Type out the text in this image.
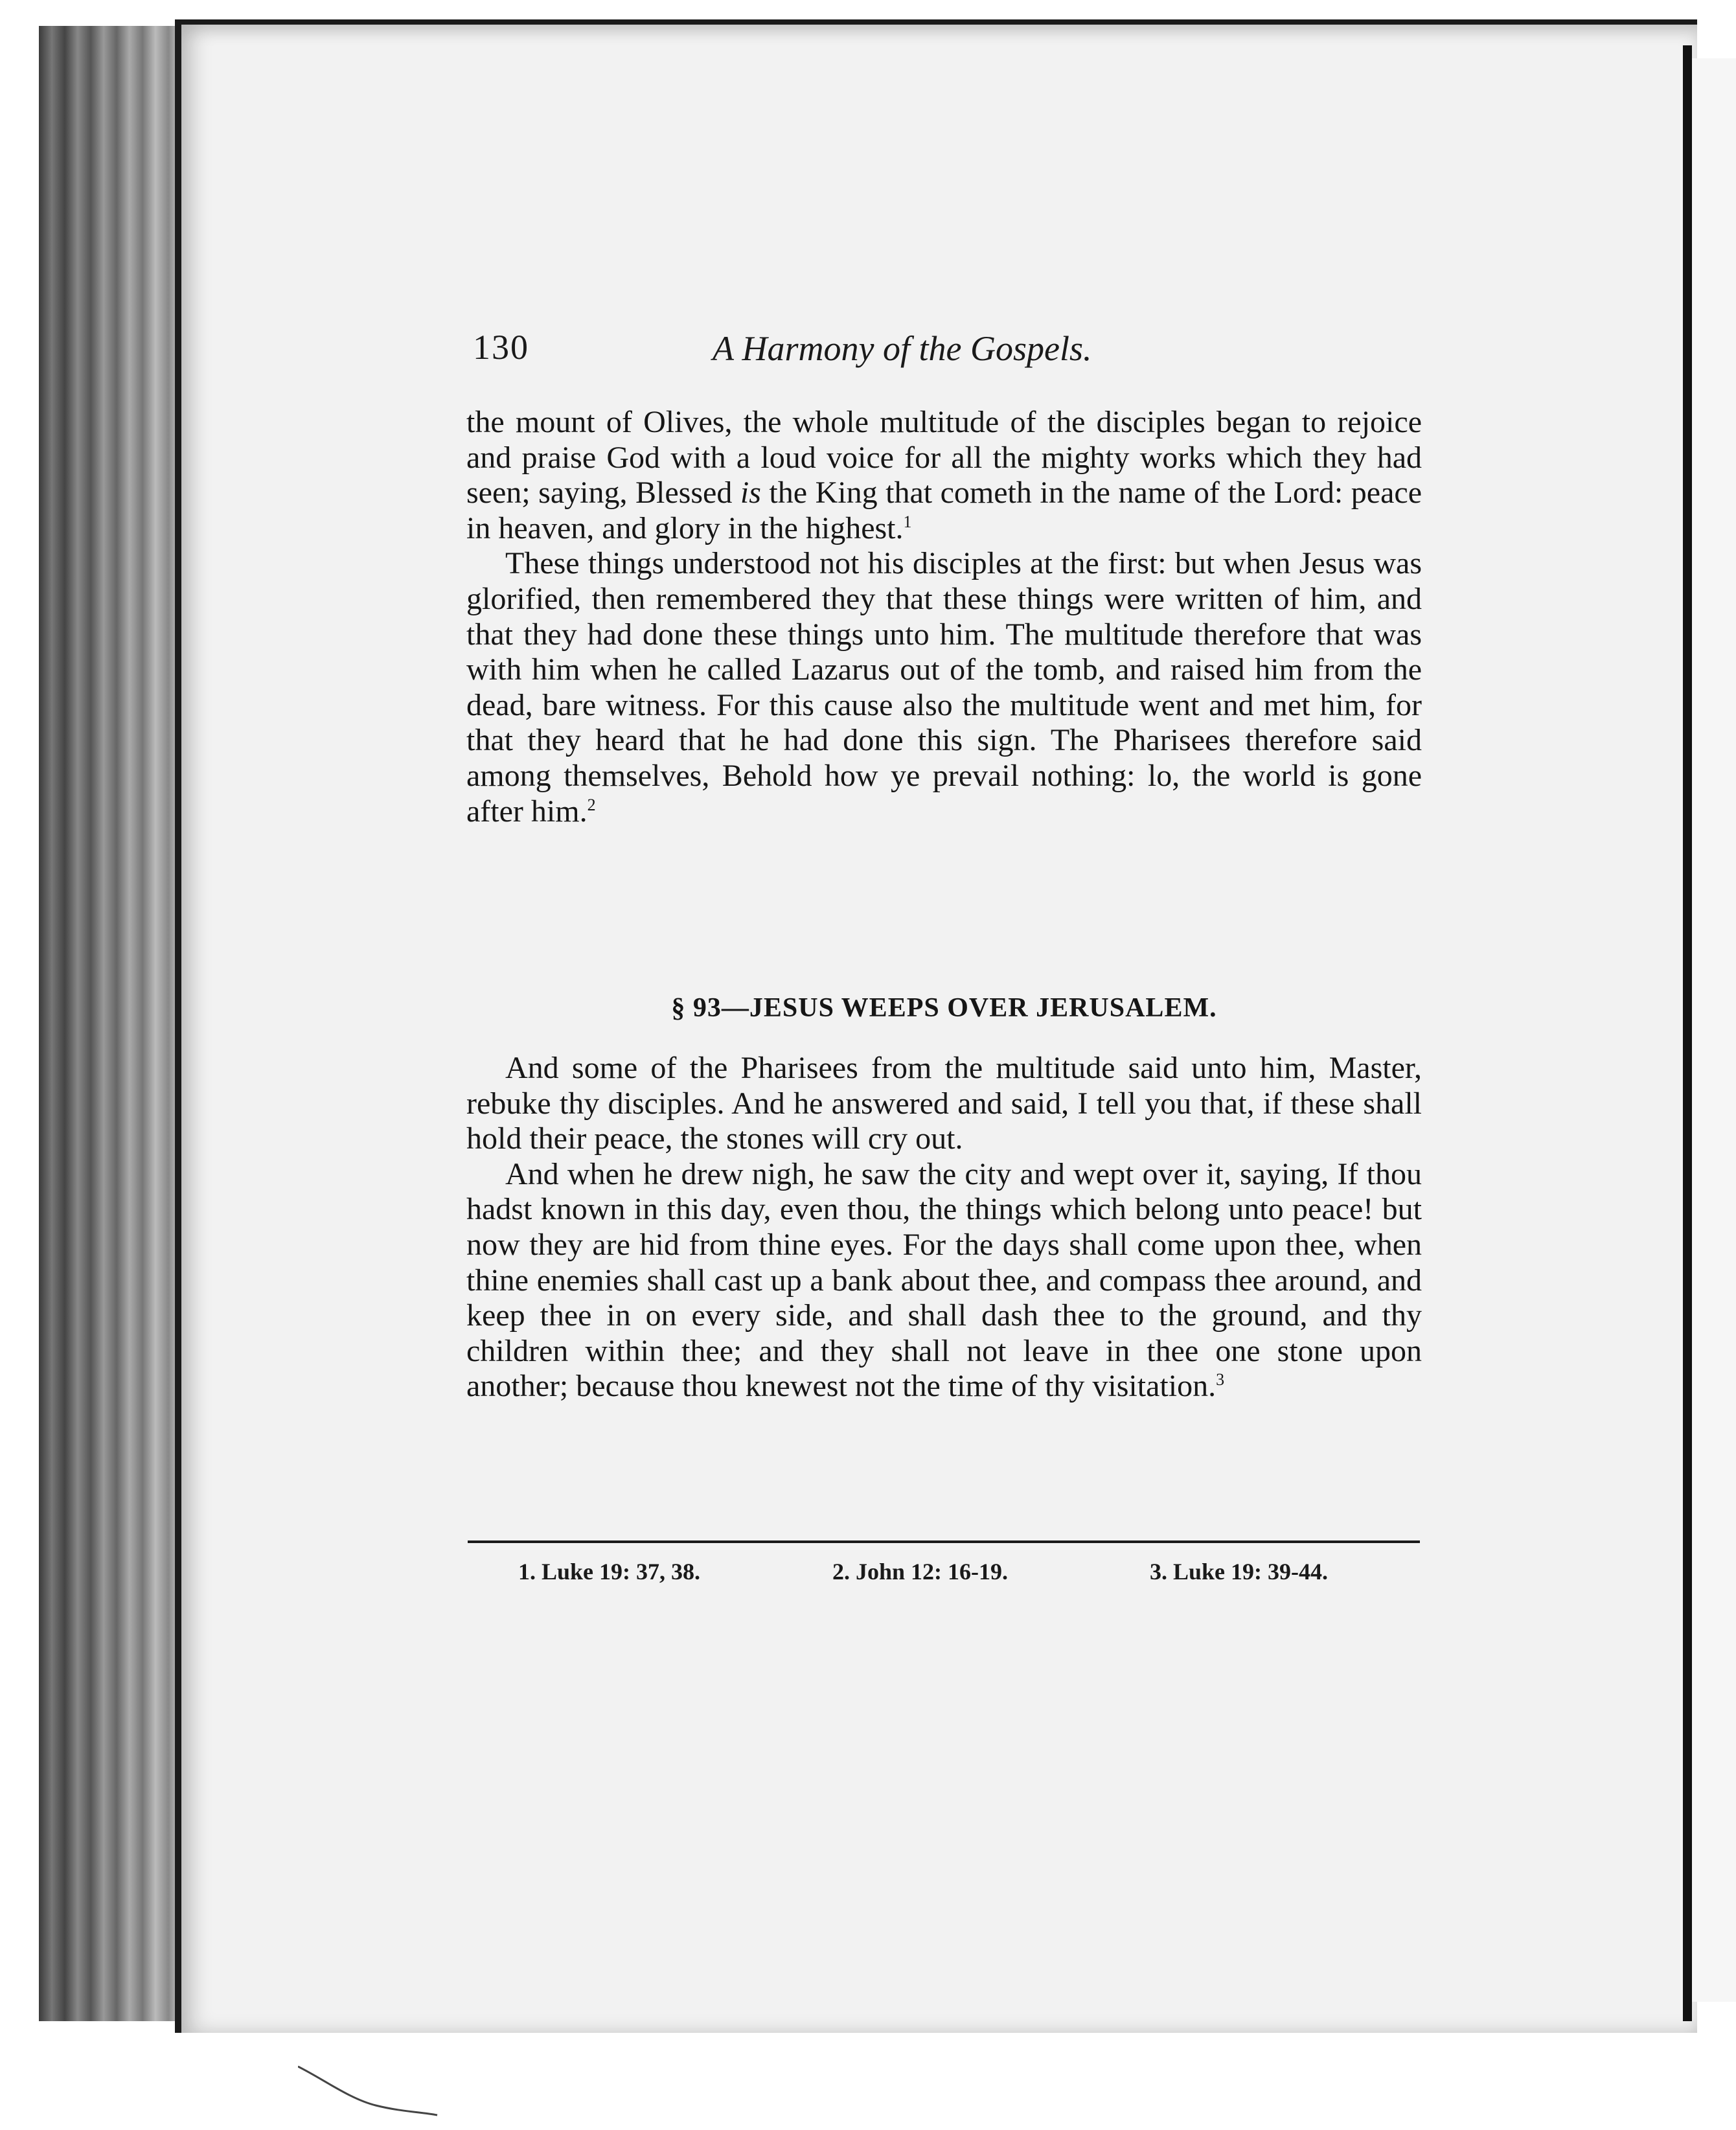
130	A Harmony of the Gospels.

the mount of Olives, the whole multitude of the disciples began to rejoice and praise God with a loud voice for all the mighty works which they had seen; saying, Blessed is the King that cometh in the name of the Lord: peace in heaven, and glory in the highest.$^1$

These things understood not his disciples at the first: but when Jesus was glorified, then remembered they that these things were written of him, and that they had done these things unto him. The multitude therefore that was with him when he called Lazarus out of the tomb, and raised him from the dead, bare witness. For this cause also the multitude went and met him, for that they heard that he had done this sign. The Pharisees therefore said among themselves, Behold how ye prevail nothing: lo, the world is gone after him.$^2$

§ 93—JESUS WEEPS OVER JERUSALEM.

And some of the Pharisees from the multitude said unto him, Master, rebuke thy disciples. And he answered and said, I tell you that, if these shall hold their peace, the stones will cry out.

And when he drew nigh, he saw the city and wept over it, saying, If thou hadst known in this day, even thou, the things which belong unto peace! but now they are hid from thine eyes. For the days shall come upon thee, when thine enemies shall cast up a bank about thee, and compass thee around, and keep thee in on every side, and shall dash thee to the ground, and thy children within thee; and they shall not leave in thee one stone upon another; because thou knewest not the time of thy visitation.$^3$

1. Luke 19: 37, 38.	2. John 12: 16-19.	3. Luke 19: 39-44.
